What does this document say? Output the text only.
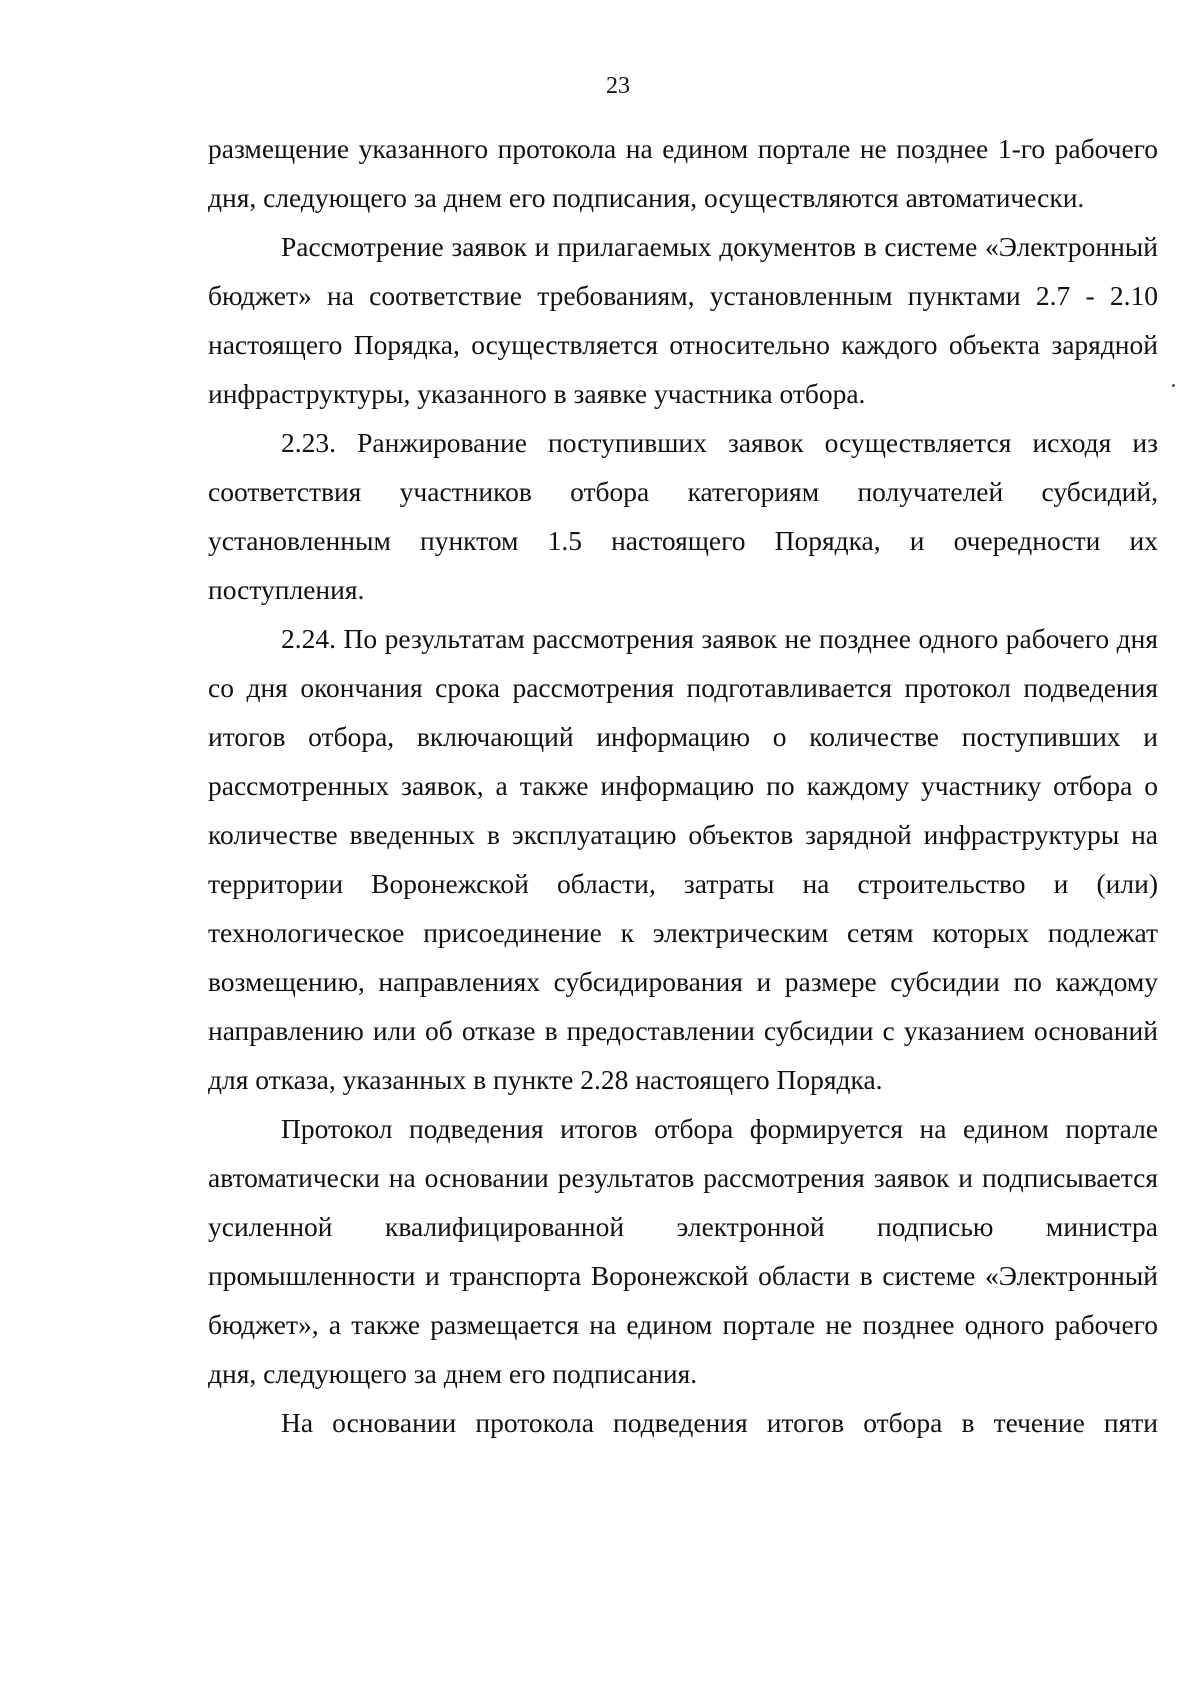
23

размещение указанного протокола на едином портале не позднее 1-го рабочего дня, следующего за днем его подписания, осуществляются автоматически.

Рассмотрение заявок и прилагаемых документов в системе «Электронный бюджет» на соответствие требованиям, установленным пунктами 2.7 - 2.10 настоящего Порядка, осуществляется относительно каждого объекта зарядной инфраструктуры, указанного в заявке участника отбора.

2.23. Ранжирование поступивших заявок осуществляется исходя из соответствия участников отбора категориям получателей субсидий, установленным пунктом 1.5 настоящего Порядка, и очередности их поступления.

2.24. По результатам рассмотрения заявок не позднее одного рабочего дня со дня окончания срока рассмотрения подготавливается протокол подведения итогов отбора, включающий информацию о количестве поступивших и рассмотренных заявок, а также информацию по каждому участнику отбора о количестве введенных в эксплуатацию объектов зарядной инфраструктуры на территории Воронежской области, затраты на строительство и (или) технологическое присоединение к электрическим сетям которых подлежат возмещению, направлениях субсидирования и размере субсидии по каждому направлению или об отказе в предоставлении субсидии с указанием оснований для отказа, указанных в пункте 2.28 настоящего Порядка.

Протокол подведения итогов отбора формируется на едином портале автоматически на основании результатов рассмотрения заявок и подписывается усиленной квалифицированной электронной подписью министра промышленности и транспорта Воронежской области в системе «Электронный бюджет», а также размещается на едином портале не позднее одного рабочего дня, следующего за днем его подписания.

На основании протокола подведения итогов отбора в течение пяти
